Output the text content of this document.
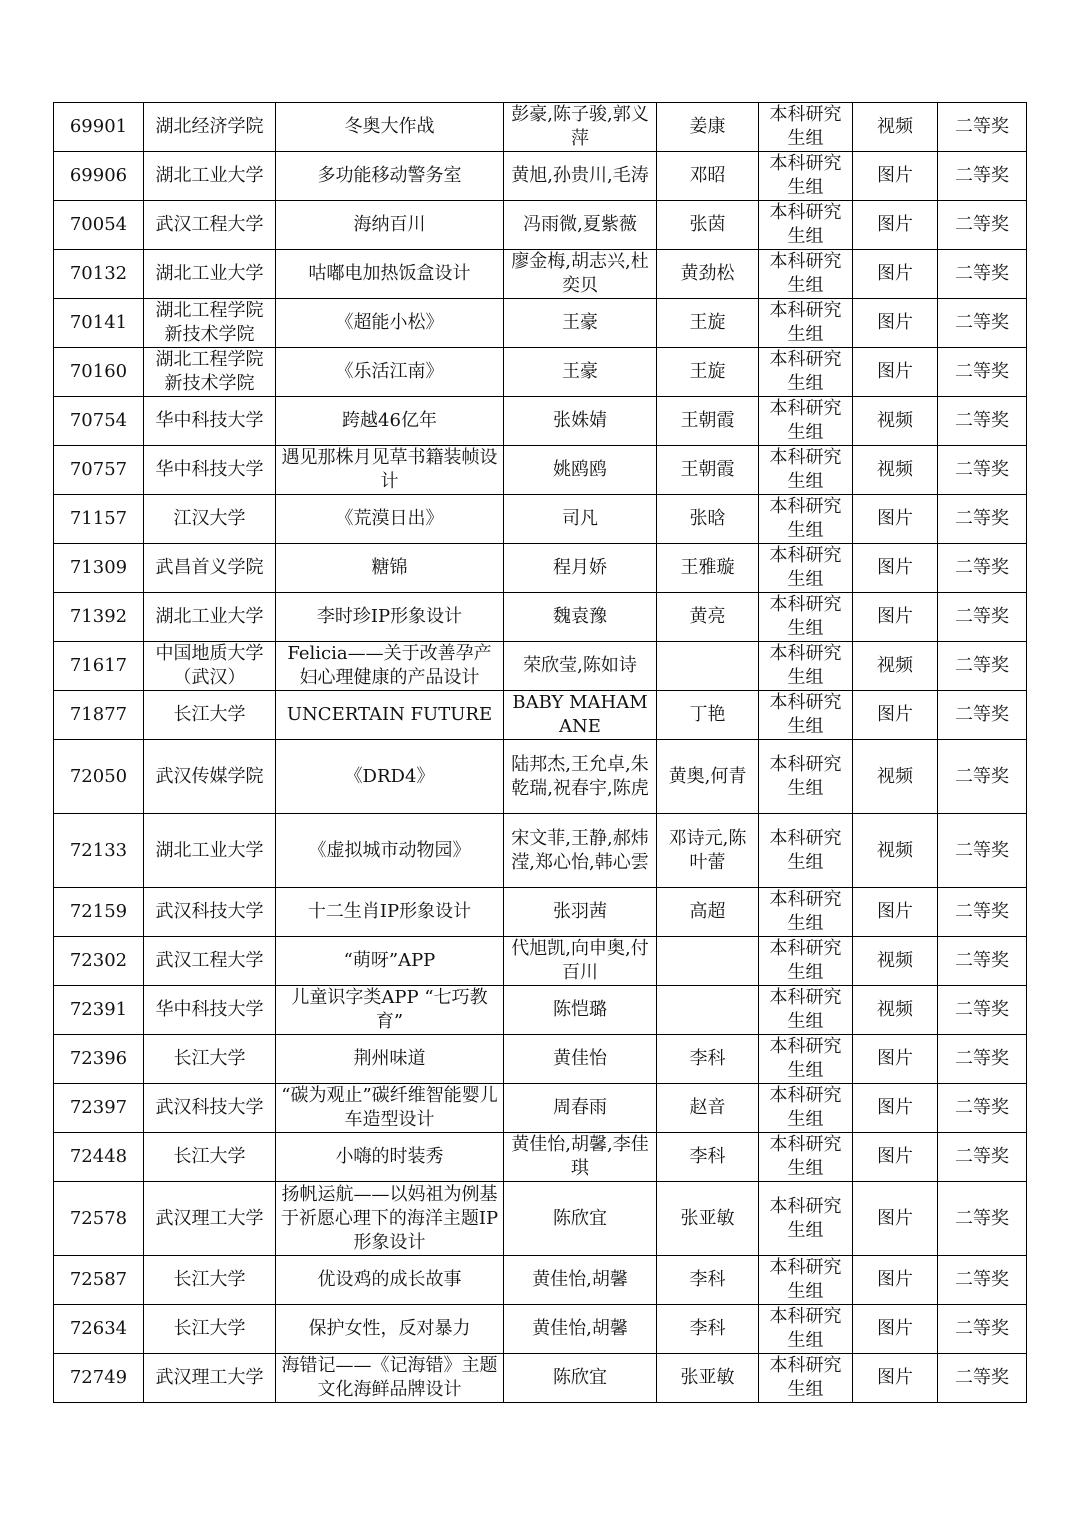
69901	湖北经济学院	冬奥大作战	彭豪,陈子骏,郭义萍	姜康	本科研究生组	视频	二等奖
69906	湖北工业大学	多功能移动警务室	黄旭,孙贵川,毛涛	邓昭	本科研究生组	图片	二等奖
70054	武汉工程大学	海纳百川	冯雨微,夏紫薇	张茵	本科研究生组	图片	二等奖
70132	湖北工业大学	咕嘟电加热饭盒设计	廖金梅,胡志兴,杜奕贝	黄劲松	本科研究生组	图片	二等奖
70141	湖北工程学院新技术学院	《超能小松》	王豪	王旋	本科研究生组	图片	二等奖
70160	湖北工程学院新技术学院	《乐活江南》	王豪	王旋	本科研究生组	图片	二等奖
70754	华中科技大学	跨越46亿年	张姝婧	王朝霞	本科研究生组	视频	二等奖
70757	华中科技大学	遇见那株月见草书籍装帧设计	姚鸥鸥	王朝霞	本科研究生组	视频	二等奖
71157	江汉大学	《荒漠日出》	司凡	张晗	本科研究生组	图片	二等奖
71309	武昌首义学院	糖锦	程月娇	王雅璇	本科研究生组	图片	二等奖
71392	湖北工业大学	李时珍IP形象设计	魏袁豫	黄亮	本科研究生组	图片	二等奖
71617	中国地质大学（武汉）	Felicia——关于改善孕产妇心理健康的产品设计	荣欣莹,陈如诗		本科研究生组	视频	二等奖
71877	长江大学	UNCERTAIN FUTURE	BABY MAHAMANE	丁艳	本科研究生组	图片	二等奖
72050	武汉传媒学院	《DRD4》	陆邦杰,王允卓,朱乾瑞,祝春宇,陈虎	黄奥,何青	本科研究生组	视频	二等奖
72133	湖北工业大学	《虚拟城市动物园》	宋文菲,王静,郝炜滢,郑心怡,韩心雲	邓诗元,陈叶蕾	本科研究生组	视频	二等奖
72159	武汉科技大学	十二生肖IP形象设计	张羽茜	高超	本科研究生组	图片	二等奖
72302	武汉工程大学	“萌呀”APP	代旭凯,向申奥,付百川		本科研究生组	视频	二等奖
72391	华中科技大学	儿童识字类APP “七巧教育”	陈恺璐		本科研究生组	视频	二等奖
72396	长江大学	荆州味道	黄佳怡	李科	本科研究生组	图片	二等奖
72397	武汉科技大学	“碳为观止”碳纤维智能婴儿车造型设计	周春雨	赵音	本科研究生组	图片	二等奖
72448	长江大学	小嗨的时装秀	黄佳怡,胡馨,李佳琪	李科	本科研究生组	图片	二等奖
72578	武汉理工大学	扬帆运航——以妈祖为例基于祈愿心理下的海洋主题IP形象设计	陈欣宜	张亚敏	本科研究生组	图片	二等奖
72587	长江大学	优设鸡的成长故事	黄佳怡,胡馨	李科	本科研究生组	图片	二等奖
72634	长江大学	保护女性，反对暴力	黄佳怡,胡馨	李科	本科研究生组	图片	二等奖
72749	武汉理工大学	海错记——《记海错》主题文化海鲜品牌设计	陈欣宜	张亚敏	本科研究生组	图片	二等奖
